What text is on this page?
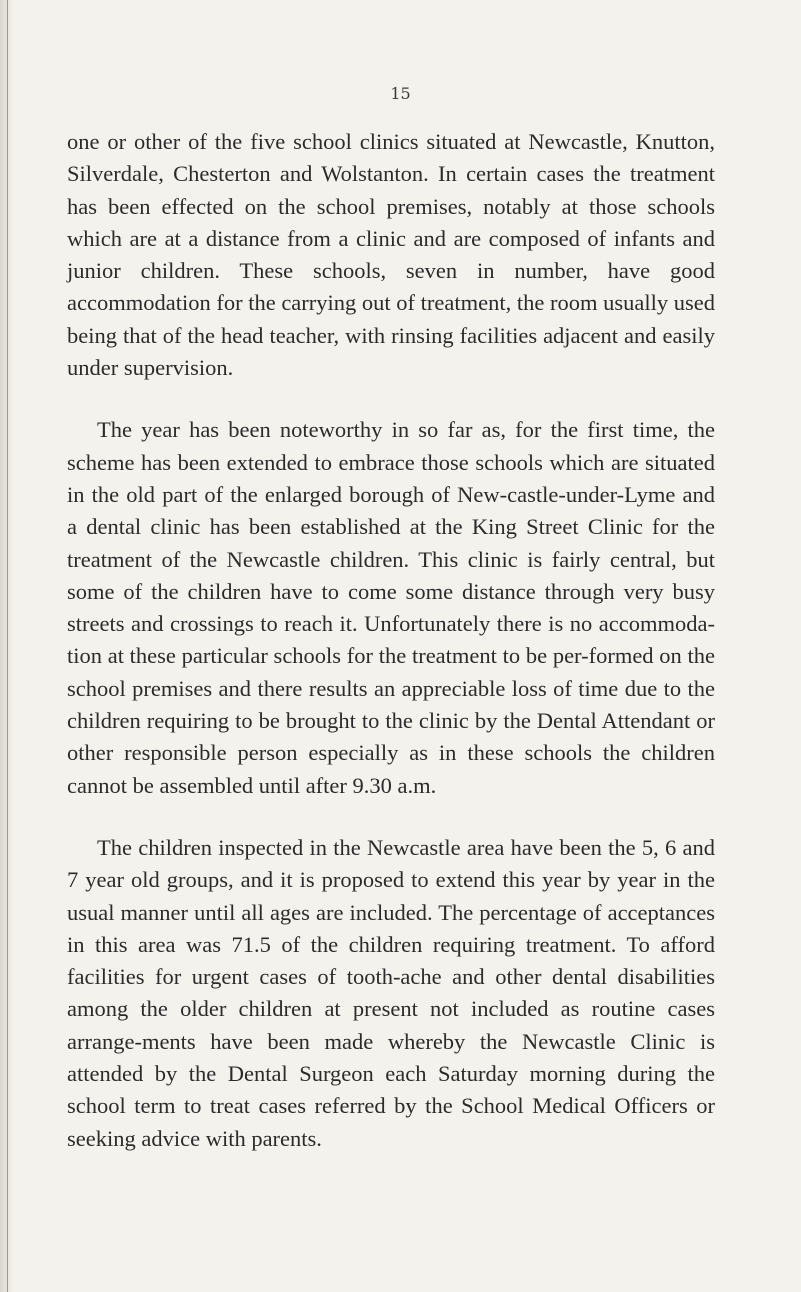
15

one or other of the five school clinics situated at Newcastle, Knutton, Silverdale, Chesterton and Wolstanton. In certain cases the treatment has been effected on the school premises, notably at those schools which are at a distance from a clinic and are composed of infants and junior children. These schools, seven in number, have good accommodation for the carrying out of treatment, the room usually used being that of the head teacher, with rinsing facilities adjacent and easily under supervision.

The year has been noteworthy in so far as, for the first time, the scheme has been extended to embrace those schools which are situated in the old part of the enlarged borough of New-castle-under-Lyme and a dental clinic has been established at the King Street Clinic for the treatment of the Newcastle children. This clinic is fairly central, but some of the children have to come some distance through very busy streets and crossings to reach it. Unfortunately there is no accommoda-tion at these particular schools for the treatment to be per-formed on the school premises and there results an appreciable loss of time due to the children requiring to be brought to the clinic by the Dental Attendant or other responsible person especially as in these schools the children cannot be assembled until after 9.30 a.m.

The children inspected in the Newcastle area have been the 5, 6 and 7 year old groups, and it is proposed to extend this year by year in the usual manner until all ages are included. The percentage of acceptances in this area was 71.5 of the children requiring treatment. To afford facilities for urgent cases of tooth-ache and other dental disabilities among the older children at present not included as routine cases arrange-ments have been made whereby the Newcastle Clinic is attended by the Dental Surgeon each Saturday morning during the school term to treat cases referred by the School Medical Officers or seeking advice with parents.
